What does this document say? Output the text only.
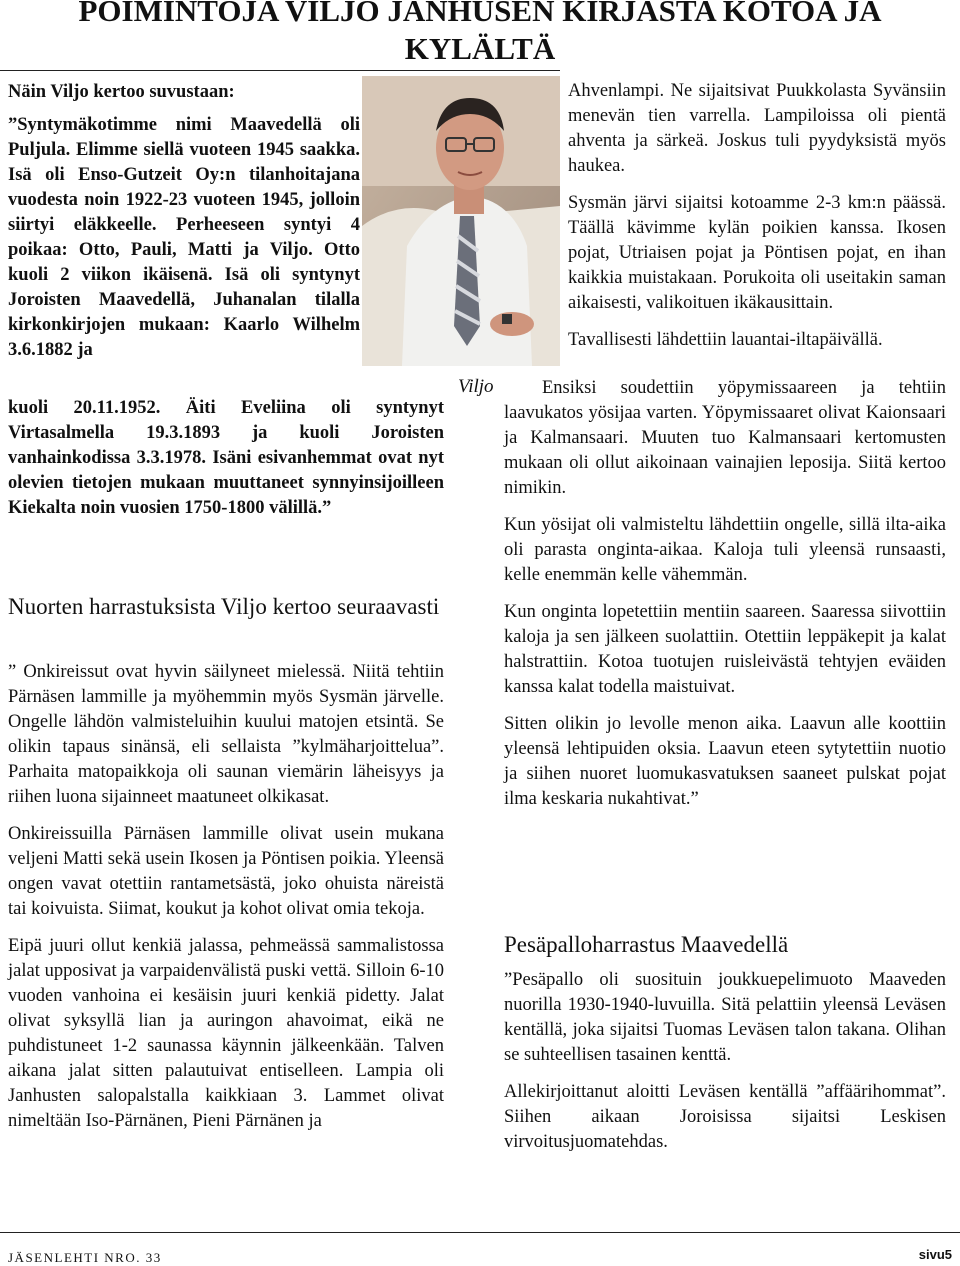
POIMINTOJA VILJO JANHUSEN KIRJASTA KOTOA JA
KYLÄLTÄ

Näin Viljo kertoo suvustaan:

”Syntymäkotimme nimi Maavedellä oli Puljula. Elimme siellä vuoteen 1945 saakka. Isä oli Enso-Gutzeit Oy:n tilanhoitajana vuodesta noin 1922-23 vuoteen 1945, jolloin siirtyi eläkkeelle. Perheeseen syntyi 4 poikaa: Otto, Pauli, Matti ja Viljo. Otto kuoli 2 viikon ikäisenä. Isä oli syntynyt Joroisten Maavedellä, Juhanalan tilalla kirkonkirjojen mukaan: Kaarlo Wilhelm 3.6.1882 ja

kuoli 20.11.1952. Äiti Eveliina oli syntynyt Virtasalmella 19.3.1893 ja kuoli Joroisten vanhainkodissa 3.3.1978. Isäni esivanhemmat ovat nyt olevien tietojen mukaan muuttaneet synnyinsijoilleen Kiekalta noin vuosien 1750-1800 välillä.”

Viljo
Nuorten harrastuksista Viljo kertoo seuraavasti

” Onkireissut ovat hyvin säilyneet mielessä. Niitä tehtiin Pärnäsen lammille ja myöhemmin myös Sysmän järvelle. Ongelle lähdön valmisteluihin kuului matojen etsintä. Se olikin tapaus sinänsä, eli sellaista ”kylmäharjoittelua”. Parhaita matopaikkoja oli saunan viemärin läheisyys ja riihen luona sijainneet maatuneet olkikasat.

Onkireissuilla Pärnäsen lammille olivat usein mukana veljeni Matti sekä usein Ikosen ja Pöntisen poikia. Yleensä ongen vavat otettiin rantametsästä, joko ohuista näreistä tai koivuista. Siimat, koukut ja kohot olivat omia tekoja.

Eipä juuri ollut kenkiä jalassa, pehmeässä sammalistossa jalat upposivat ja varpaidenvälistä puski vettä. Silloin 6-10 vuoden vanhoina ei kesäisin juuri kenkiä pidetty. Jalat olivat syksyllä lian ja auringon ahavoimat, eikä ne puhdistuneet 1-2 saunassa käynnin jälkeenkään. Talven aikana jalat sitten palautuivat entiselleen. Lampia oli Janhusten salopalstalla kaikkiaan 3. Lammet olivat nimeltään Iso-Pärnänen, Pieni Pärnänen ja

Ahvenlampi. Ne sijaitsivat Puukkolasta Syvänsiin menevän tien varrella. Lampiloissa oli pientä ahventa ja särkeä. Joskus tuli pyydyksistä myös haukea.

Sysmän järvi sijaitsi kotoamme 2-3 km:n päässä. Täällä kävimme kylän poikien kanssa. Ikosen pojat, Utriaisen pojat ja Pöntisen pojat, en ihan kaikkia muistakaan. Porukoita oli useitakin saman aikaisesti, valikoituen ikäkausittain.

Tavallisesti lähdettiin lauantai-iltapäivällä.

Ensiksi soudettiin yöpymissaareen ja tehtiin laavukatos yösijaa varten. Yöpymissaaret olivat Kaionsaari ja Kalmansaari. Muuten tuo Kalmansaari kertomusten mukaan oli ollut aikoinaan vainajien leposija. Siitä kertoo nimikin.

Kun yösijat oli valmisteltu lähdettiin ongelle, sillä ilta-aika oli parasta onginta-aikaa. Kaloja tuli yleensä runsaasti, kelle enemmän kelle vähemmän.

Kun onginta lopetettiin mentiin saareen. Saaressa siivottiin kaloja ja sen jälkeen suolattiin. Otettiin leppäkepit ja kalat halstrattiin. Kotoa tuotujen ruisleivästä tehtyjen eväiden kanssa kalat todella maistuivat.

Sitten olikin jo levolle menon aika. Laavun alle koottiin yleensä lehtipuiden oksia. Laavun eteen sytytettiin nuotio ja siihen nuoret luomukasvatuksen saaneet pulskat pojat ilma keskaria nukahtivat.”

Pesäpalloharrastus Maavedellä

”Pesäpallo oli suosituin joukkuepelimuoto Maaveden nuorilla 1930-1940-luvuilla. Sitä pelattiin yleensä Leväsen kentällä, joka sijaitsi Tuomas Leväsen talon takana. Olihan se suhteellisen tasainen kenttä.

Allekirjoittanut aloitti Leväsen kentällä ”affäärihommat”. Siihen aikaan Joroisissa sijaitsi Leskisen virvoitusjuomatehdas.

JÄSENLEHTI NRO. 33	sivu5
